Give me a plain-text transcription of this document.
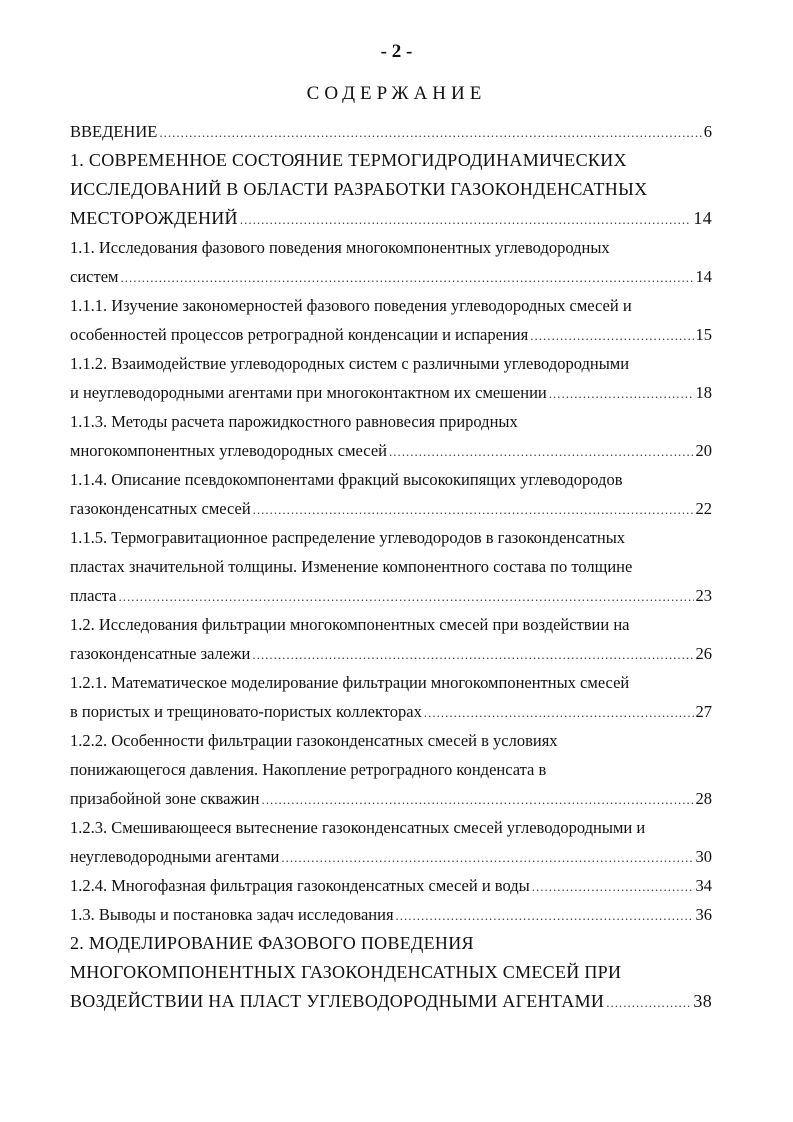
- 2 -
СОДЕРЖАНИЕ
ВВЕДЕНИЕ .....	6
1. СОВРЕМЕННОЕ СОСТОЯНИЕ ТЕРМОГИДРОДИНАМИЧЕСКИХ
ИССЛЕДОВАНИЙ В ОБЛАСТИ РАЗРАБОТКИ ГАЗОКОНДЕНСАТНЫХ
МЕСТОРОЖДЕНИЙ .....	14
1.1. Исследования фазового поведения многокомпонентных углеводородных
систем .....	14
1.1.1. Изучение закономерностей фазового поведения углеводородных смесей и
особенностей процессов ретроградной конденсации и испарения .....	15
1.1.2. Взаимодействие углеводородных систем с различными углеводородными
и неуглеводородными агентами при многоконтактном их смешении .....	18
1.1.3. Методы расчета парожидкостного равновесия природных
многокомпонентных углеводородных смесей .....	20
1.1.4. Описание псевдокомпонентами фракций высококипящих углеводородов
газоконденсатных смесей .....	22
1.1.5. Термогравитационное распределение углеводородов в газоконденсатных
пластах значительной толщины. Изменение компонентного состава по толщине
пласта .....	23
1.2. Исследования фильтрации многокомпонентных смесей при воздействии на
газоконденсатные залежи .....	26
1.2.1. Математическое моделирование фильтрации многокомпонентных смесей
в пористых и трещиновато-пористых коллекторах .....	27
1.2.2. Особенности фильтрации газоконденсатных смесей в условиях
понижающегося давления. Накопление ретроградного конденсата в
призабойной зоне скважин .....	28
1.2.3. Смешивающееся вытеснение газоконденсатных смесей углеводородными и
неуглеводородными агентами .....	30
1.2.4. Многофазная фильтрация газоконденсатных смесей и воды .....	34
1.3. Выводы и постановка задач исследования .....	36
2. МОДЕЛИРОВАНИЕ ФАЗОВОГО ПОВЕДЕНИЯ
МНОГОКОМПОНЕНТНЫХ ГАЗОКОНДЕНСАТНЫХ СМЕСЕЙ ПРИ
ВОЗДЕЙСТВИИ НА ПЛАСТ УГЛЕВОДОРОДНЫМИ АГЕНТАМИ .....	38
